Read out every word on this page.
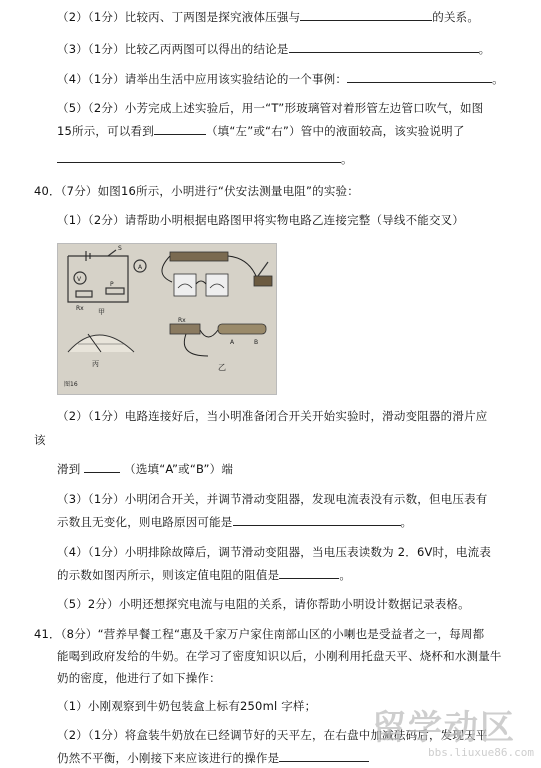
（2）（1分）比较丙、丁两图是探究液体压强与	的关系。
（3）（1分）比较乙丙两图可以得出的结论是	。
（4）（1分）请举出生活中应用该实验结论的一个事例：	。
（5）（2分）小芳完成上述实验后，用一“T”形玻璃管对着形管左边管口吹气，如图
15所示，可以看到	（填“左”或“右”）管中的液面较高，该实验说明了
。
40．（7分）如图16所示，小明进行“伏安法测量电阻”的实验：
（1）（2分）请帮助小明根据电路图甲将实物电路乙连接完整（导线不能交叉）
S
A
V
P
Rx 甲
Rx
A	B
乙
丙
图16
（2）（1分）电路连接好后，当小明准备闭合开关开始实验时，滑动变阻器的滑片应
该
滑到	（选填“A”或“B”）端
（3）（1分）小明闭合开关，并调节滑动变阻器，发现电流表没有示数，但电压表有
示数且无变化，则电路原因可能是	。
（4）（1分）小明排除故障后，调节滑动变阻器，当电压表读数为 2．6V时，电流表
的示数如图丙所示，则该定值电阻的阻值是	。
（5）2分）小明还想探究电流与电阻的关系，请你帮助小明设计数据记录表格。
41．（8分）“营养早餐工程“惠及千家万户家住南部山区的小喇也是受益者之一，每周都
能喝到政府发给的牛奶。在学习了密度知识以后，小刚利用托盘天平、烧杯和水测量牛
奶的密度，他进行了如下操作：
（1）小刚观察到牛奶包装盒上标有250ml 字样；
（2）（1分）将盒装牛奶放在已经调节好的天平左，在右盘中加减砝码后，发现天平
仍然不平衡，小刚接下来应该进行的操作是
留学动区
bbs.liuxue86.com
